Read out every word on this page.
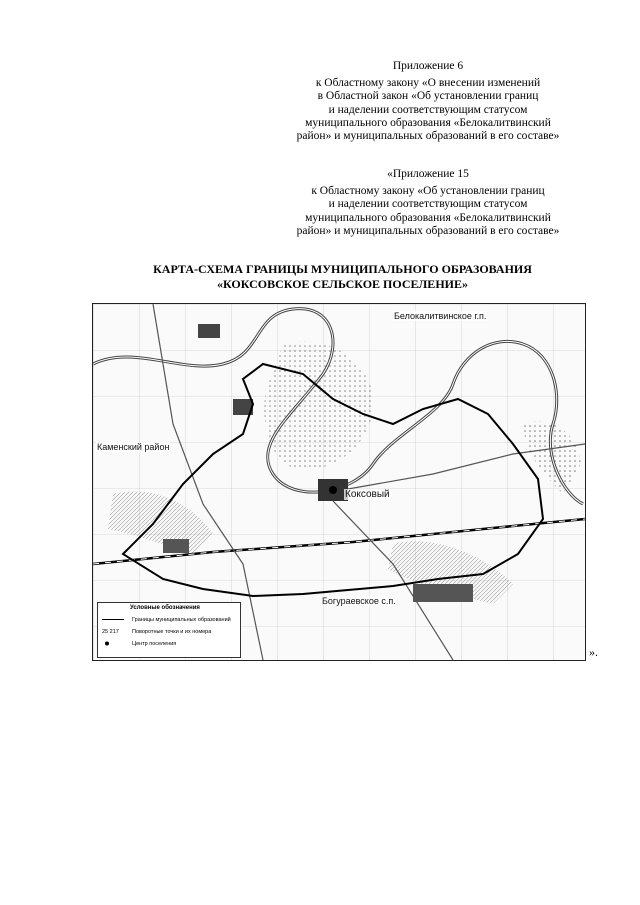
Приложение 6
к Областному закону «О внесении изменений
в Областной закон «Об установлении границ
и наделении соответствующим статусом
муниципального образования «Белокалитвинский
район» и муниципальных образований в его составе»
«Приложение 15
к Областному закону «Об установлении границ
и наделении соответствующим статусом
муниципального образования «Белокалитвинский
район» и муниципальных образований в его составе»
КАРТА-СХЕМА ГРАНИЦЫ МУНИЦИПАЛЬНОГО ОБРАЗОВАНИЯ
«КОКСОВСКОЕ СЕЛЬСКОЕ ПОСЕЛЕНИЕ»
Белокалитвинское г.п.
Каменский район
Коксовый
Богураевское с.п.
Условные обозначения
Границы муниципальных образований
25 217	Поворотные точки и их номера
Центр поселения
».
